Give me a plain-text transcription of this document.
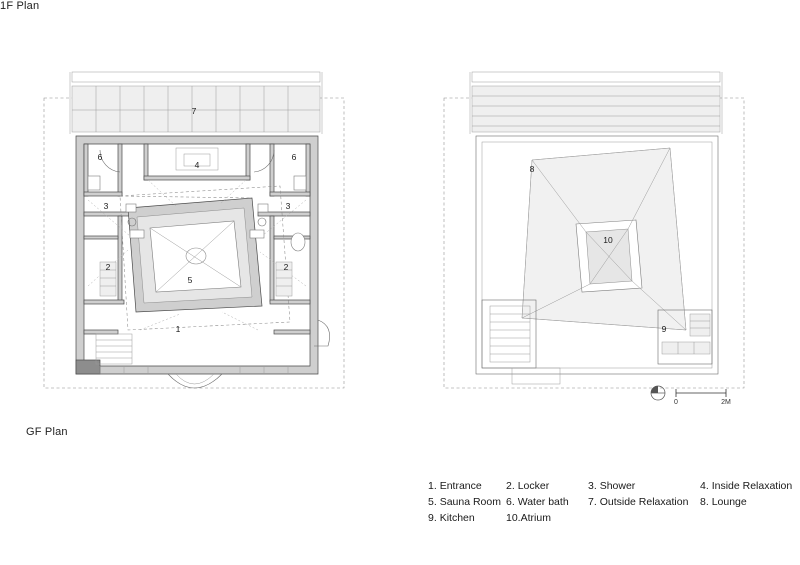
7
6	6
4
3	3
2	2
5
1
0	2M
8
10
9
GF Plan
1F Plan
1. Entrance	2. Locker	3. Shower	4. Inside Relaxation
5. Sauna Room 6. Water bath	7. Outside Relaxation	8. Lounge
9. Kitchen	10.Atrium
